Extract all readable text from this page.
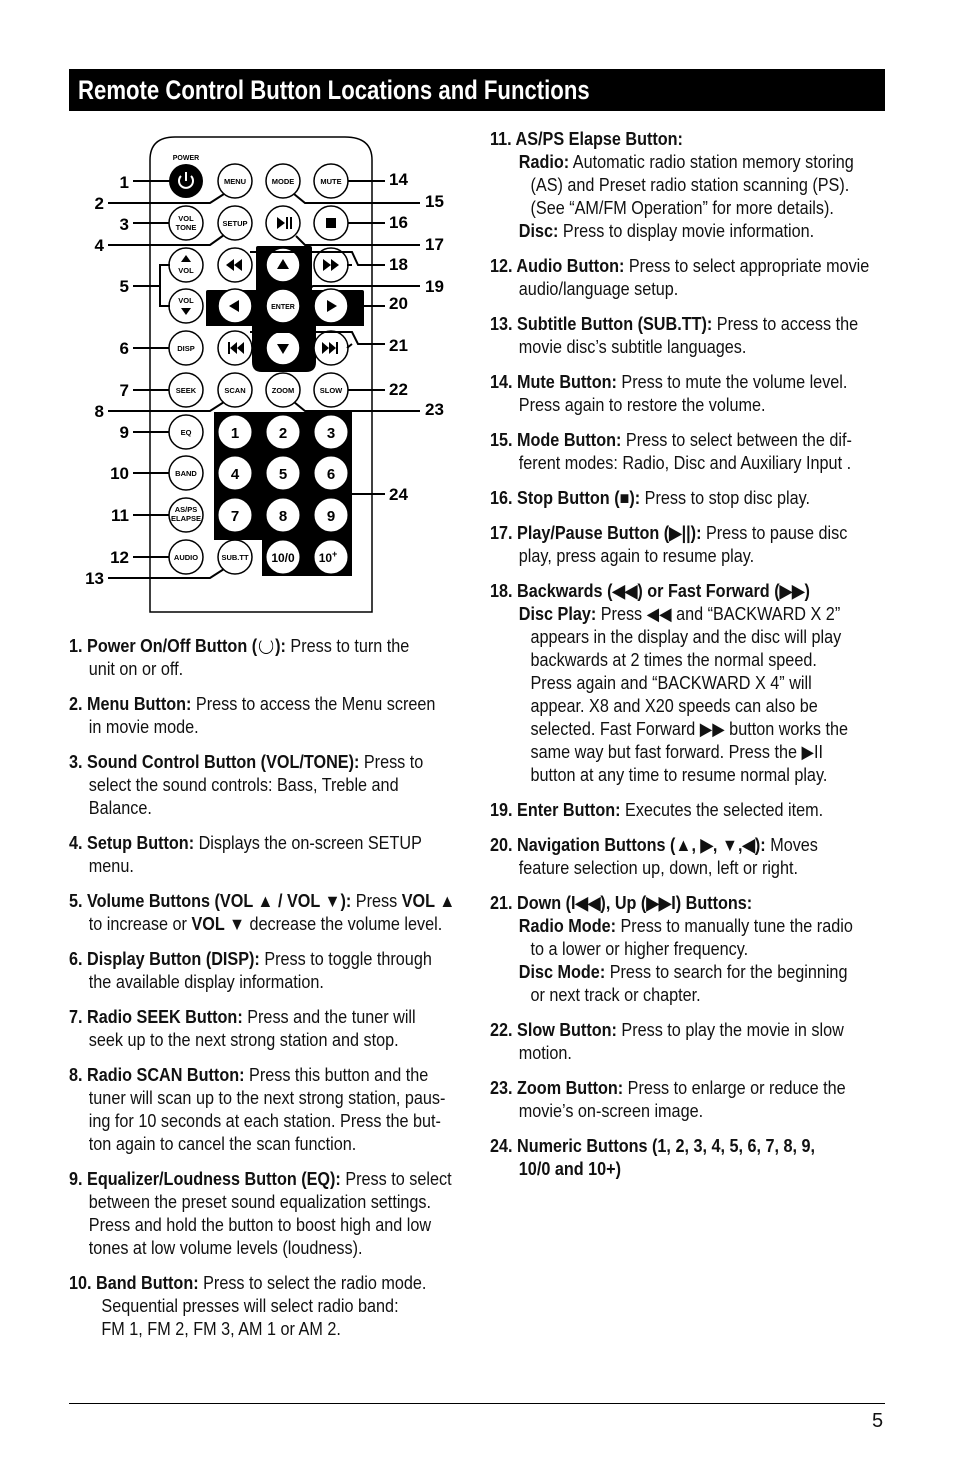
Remote Control Button Locations and Functions
POWER
MENU	MODE	MUTE
VOL
TONE	SETUP
VOL
VOL
ENTER
DISP
SEEK	SCAN	ZOOM	SLOW
EQ
BAND
AS/PS
ELAPSE
AUDIO	SUB.TT
1	2	3
4	5	6
7	8	9
10/0 10+
1
2
3
4
5
6
7
8
9
10
11
12
13
14
15
16
17
18
19
20
21
22
23
24
1. Power On/Off Button ( ): Press to turn the
unit on or off.
2. Menu Button: Press to access the Menu screen
in movie mode.
3. Sound Control Button (VOL/TONE): Press to
select the sound controls: Bass, Treble and
Balance.
4. Setup Button: Displays the on-screen SETUP
menu.
5. Volume Buttons (VOL ▲ / VOL ▼): Press VOL ▲
to increase or VOL ▼ decrease the volume level.
6. Display Button (DISP): Press to toggle through
the available display information.
7. Radio SEEK Button: Press and the tuner will
seek up to the next strong station and stop.
8. Radio SCAN Button: Press this button and the
tuner will scan up to the next strong station, paus-
ing for 10 seconds at each station. Press the but-
ton again to cancel the scan function.
9. Equalizer/Loudness Button (EQ): Press to select
between the preset sound equalization settings.
Press and hold the button to boost high and low
tones at low volume levels (loudness).
10. Band Button: Press to select the radio mode.
Sequential presses will select radio band:
FM 1, FM 2, FM 3, AM 1 or AM 2.
11. AS/PS Elapse Button:
Radio: Automatic radio station memory storing
(AS) and Preset radio station scanning (PS).
(See “AM/FM Operation” for more details).
Disc: Press to display movie information.
12. Audio Button: Press to select appropriate movie
audio/language setup.
13. Subtitle Button (SUB.TT): Press to access the
movie disc’s subtitle languages.
14. Mute Button: Press to mute the volume level.
Press again to restore the volume.
15. Mode Button: Press to select between the dif-
ferent modes: Radio, Disc and Auxiliary Input .
16. Stop Button (■): Press to stop disc play.
17. Play/Pause Button (▶||): Press to pause disc
play, press again to resume play.
18. Backwards (◀◀) or Fast Forward (▶▶)
Disc Play: Press ◀◀ and “BACKWARD X 2”
appears in the display and the disc will play
backwards at 2 times the normal speed.
Press again and “BACKWARD X 4” will
appear. X8 and X20 speeds can also be
selected. Fast Forward ▶▶ button works the
same way but fast forward. Press the ▶II
button at any time to resume normal play.
19. Enter Button: Executes the selected item.
20. Navigation Buttons (▲, ▶, ▼,◀): Moves
feature selection up, down, left or right.
21. Down (I◀◀), Up (▶▶I) Buttons:
Radio Mode: Press to manually tune the radio
to a lower or higher frequency.
Disc Mode: Press to search for the beginning
or next track or chapter.
22. Slow Button: Press to play the movie in slow
motion.
23. Zoom Button: Press to enlarge or reduce the
movie’s on-screen image.
24. Numeric Buttons (1, 2, 3, 4, 5, 6, 7, 8, 9,
10/0 and 10+)
5
